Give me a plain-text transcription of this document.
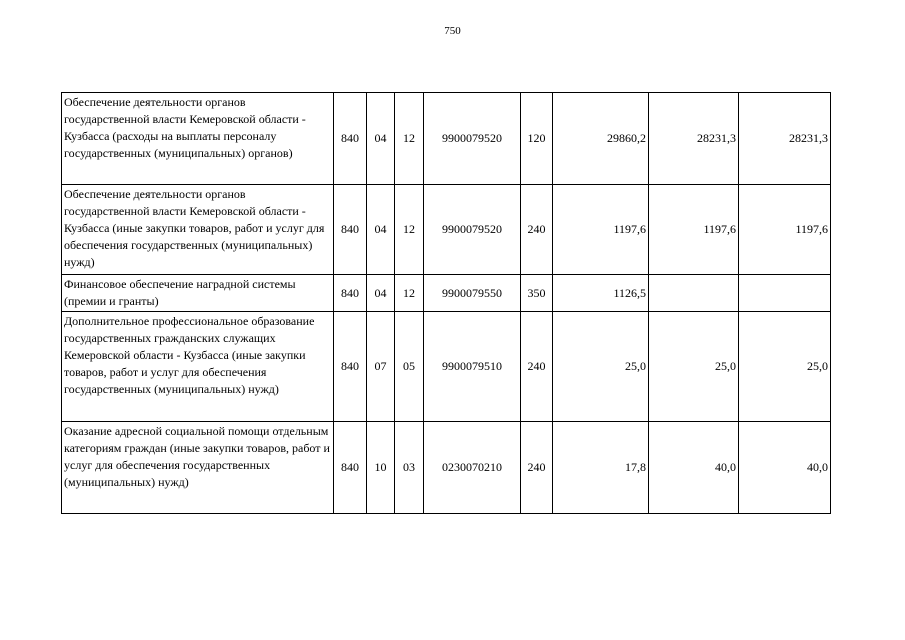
750
Обеспечение деятельности органов государственной власти Кемеровской области - Кузбасса (расходы на выплаты персоналу государственных (муниципальных) органов)	840	04	12	9900079520	120	29860,2	28231,3	28231,3
Обеспечение деятельности органов государственной власти Кемеровской области - Кузбасса (иные закупки товаров, работ и услуг для обеспечения государственных (муниципальных) нужд)	840	04	12	9900079520	240	1197,6	1197,6	1197,6
Финансовое обеспечение наградной системы (премии и гранты)	840	04	12	9900079550	350	1126,5		
Дополнительное профессиональное образование государственных гражданских служащих Кемеровской области - Кузбасса (иные закупки товаров, работ и услуг для обеспечения государственных (муниципальных) нужд)	840	07	05	9900079510	240	25,0	25,0	25,0
Оказание адресной социальной помощи отдельным категориям граждан (иные закупки товаров, работ и услуг для обеспечения государственных (муниципальных) нужд)	840	10	03	0230070210	240	17,8	40,0	40,0
